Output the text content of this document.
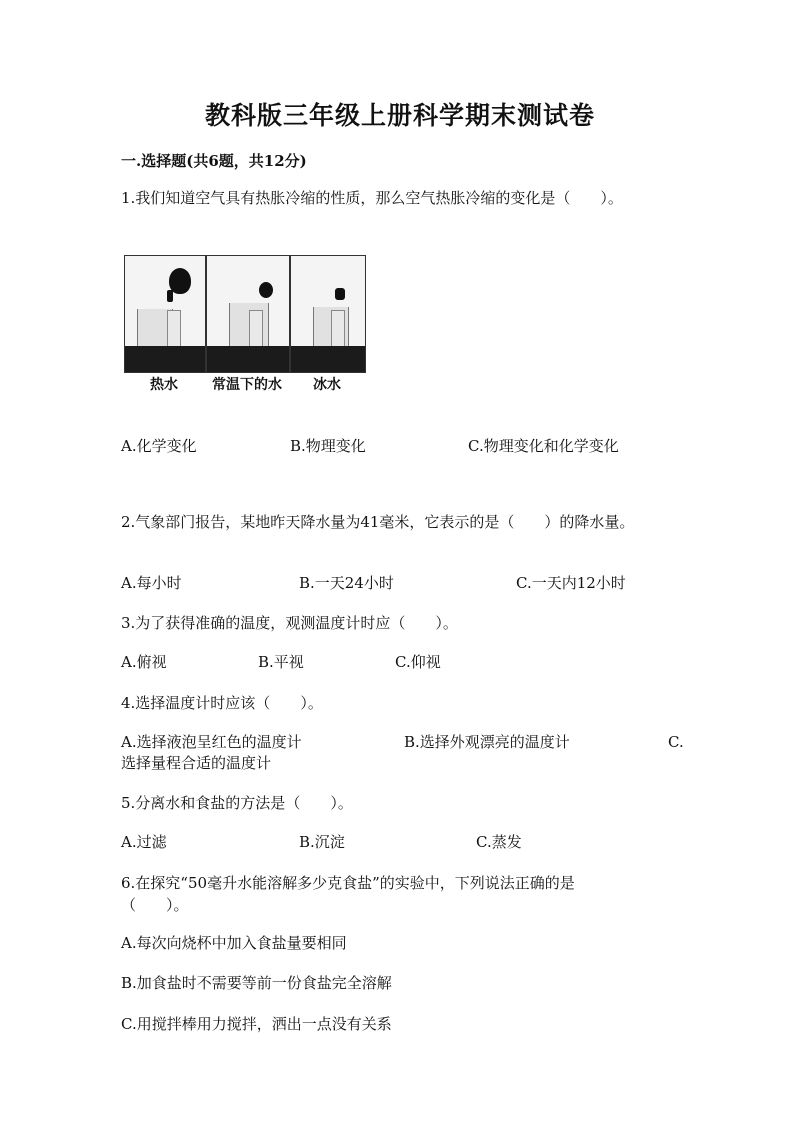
教科版三年级上册科学期末测试卷
一.选择题(共6题，共12分)
1.我们知道空气具有热胀冷缩的性质，那么空气热胀冷缩的变化是（　　）。
热水	常温下的水	冰水
A.化学变化	B.物理变化	C.物理变化和化学变化
2.气象部门报告，某地昨天降水量为41毫米，它表示的是（　　）的降水量。
A.每小时	B.一天24小时	C.一天内12小时
3.为了获得准确的温度，观测温度计时应（　　）。
A.俯视	B.平视	C.仰视
4.选择温度计时应该（　　）。
A.选择液泡呈红色的温度计	B.选择外观漂亮的温度计	C.
选择量程合适的温度计
5.分离水和食盐的方法是（　　）。
A.过滤	B.沉淀	C.蒸发
6.在探究“50毫升水能溶解多少克食盐”的实验中，下列说法正确的是（　　）。
A.每次向烧杯中加入食盐量要相同
B.加食盐时不需要等前一份食盐完全溶解
C.用搅拌棒用力搅拌，洒出一点没有关系
